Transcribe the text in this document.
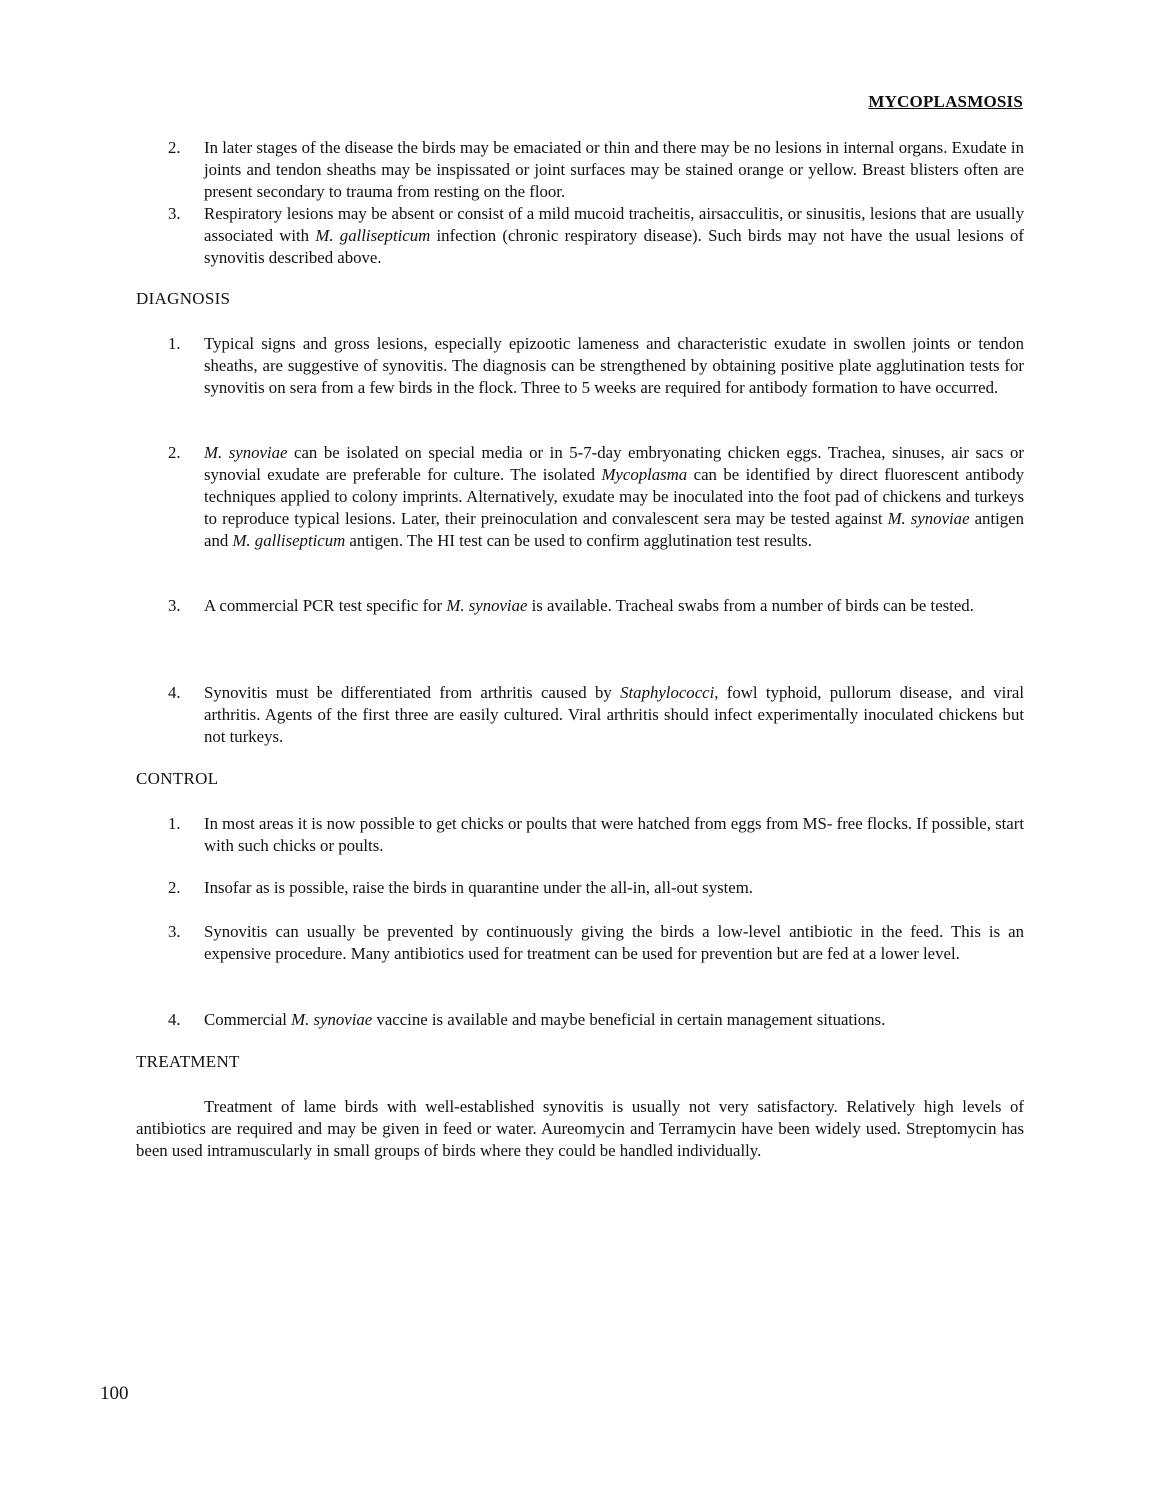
MYCOPLASMOSIS
2.	In later stages of the disease the birds may be emaciated or thin and there may be no lesions in internal organs. Exudate in joints and tendon sheaths may be inspissated or joint surfaces may be stained orange or yellow. Breast blisters often are present secondary to trauma from resting on the floor.
3.	Respiratory lesions may be absent or consist of a mild mucoid tracheitis, airsacculitis, or sinusitis, lesions that are usually associated with M. gallisepticum infection (chronic respiratory disease). Such birds may not have the usual lesions of synovitis described above.
DIAGNOSIS
1.	Typical signs and gross lesions, especially epizootic lameness and characteristic exudate in swollen joints or tendon sheaths, are suggestive of synovitis. The diagnosis can be strengthened by obtaining positive plate agglutination tests for synovitis on sera from a few birds in the flock. Three to 5 weeks are required for antibody formation to have occurred.
2.	M. synoviae can be isolated on special media or in 5-7-day embryonating chicken eggs. Trachea, sinuses, air sacs or synovial exudate are preferable for culture. The isolated Mycoplasma can be identified by direct fluorescent antibody techniques applied to colony imprints. Alternatively, exudate may be inoculated into the foot pad of chickens and turkeys to reproduce typical lesions. Later, their preinoculation and convalescent sera may be tested against M. synoviae antigen and M. gallisepticum antigen. The HI test can be used to confirm agglutination test results.
3.	A commercial PCR test specific for M. synoviae is available. Tracheal swabs from a number of birds can be tested.
4.	Synovitis must be differentiated from arthritis caused by Staphylococci, fowl typhoid, pullorum disease, and viral arthritis. Agents of the first three are easily cultured. Viral arthritis should infect experimentally inoculated chickens but not turkeys.
CONTROL
1.	In most areas it is now possible to get chicks or poults that were hatched from eggs from MS- free flocks. If possible, start with such chicks or poults.
2.	Insofar as is possible, raise the birds in quarantine under the all-in, all-out system.
3.	Synovitis can usually be prevented by continuously giving the birds a low-level antibiotic in the feed. This is an expensive procedure. Many antibiotics used for treatment can be used for prevention but are fed at a lower level.
4.	Commercial M. synoviae vaccine is available and maybe beneficial in certain management situations.
TREATMENT
Treatment of lame birds with well-established synovitis is usually not very satisfactory. Relatively high levels of antibiotics are required and may be given in feed or water. Aureomycin and Terramycin have been widely used. Streptomycin has been used intramuscularly in small groups of birds where they could be handled individually.
100
